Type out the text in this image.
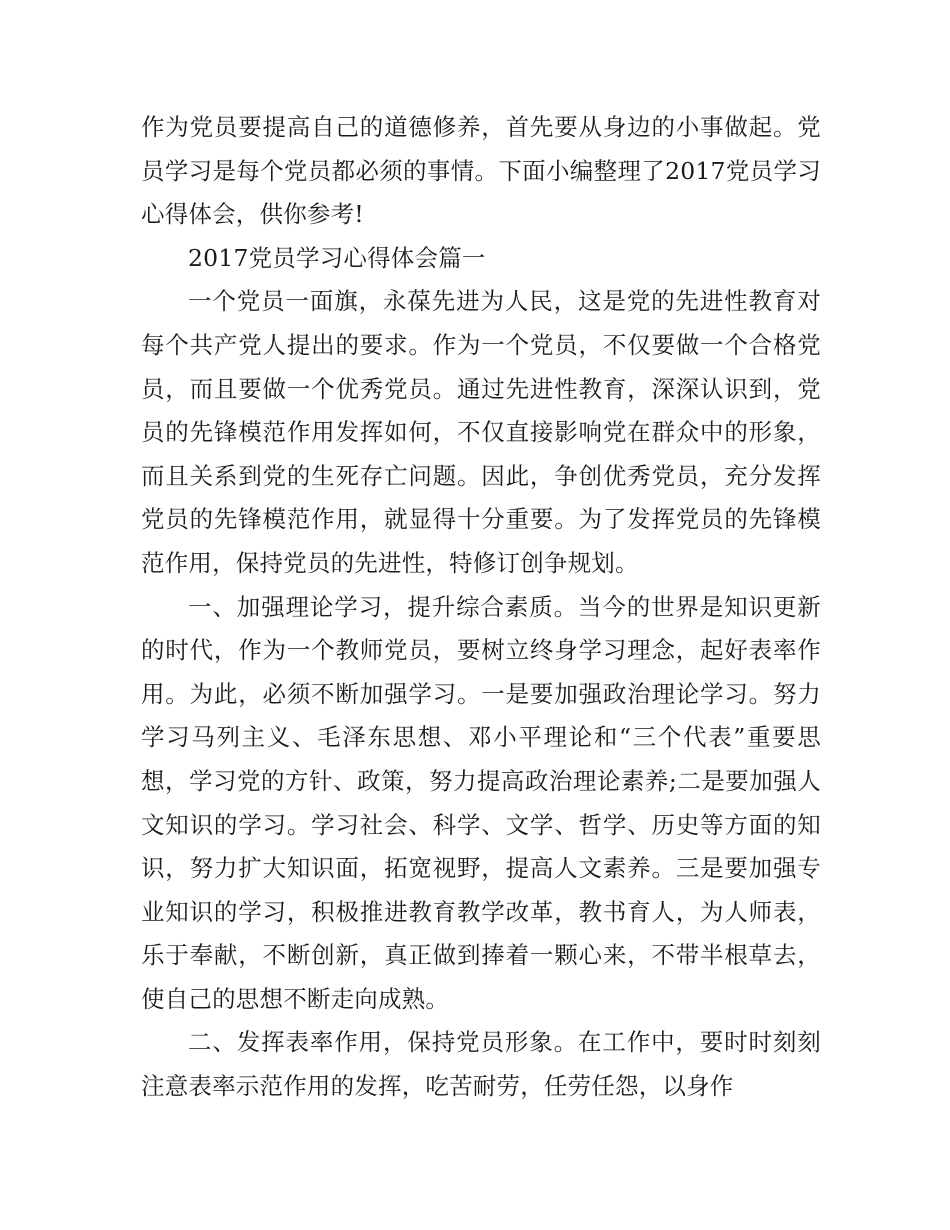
作为党员要提高自己的道德修养，首先要从身边的小事做起。党员学习是每个党员都必须的事情。下面小编整理了2017党员学习心得体会，供你参考!

2017党员学习心得体会篇一

一个党员一面旗，永葆先进为人民，这是党的先进性教育对每个共产党人提出的要求。作为一个党员，不仅要做一个合格党员，而且要做一个优秀党员。通过先进性教育，深深认识到，党员的先锋模范作用发挥如何，不仅直接影响党在群众中的形象，而且关系到党的生死存亡问题。因此，争创优秀党员，充分发挥党员的先锋模范作用，就显得十分重要。为了发挥党员的先锋模范作用，保持党员的先进性，特修订创争规划。

一、加强理论学习，提升综合素质。当今的世界是知识更新的时代，作为一个教师党员，要树立终身学习理念，起好表率作用。为此，必须不断加强学习。一是要加强政治理论学习。努力学习马列主义、毛泽东思想、邓小平理论和“三个代表”重要思想，学习党的方针、政策，努力提高政治理论素养;二是要加强人文知识的学习。学习社会、科学、文学、哲学、历史等方面的知识，努力扩大知识面，拓宽视野，提高人文素养。三是要加强专业知识的学习，积极推进教育教学改革，教书育人，为人师表，乐于奉献，不断创新，真正做到捧着一颗心来，不带半根草去，使自己的思想不断走向成熟。

二、发挥表率作用，保持党员形象。在工作中，要时时刻刻注意表率示范作用的发挥，吃苦耐劳，任劳任怨，以身作
